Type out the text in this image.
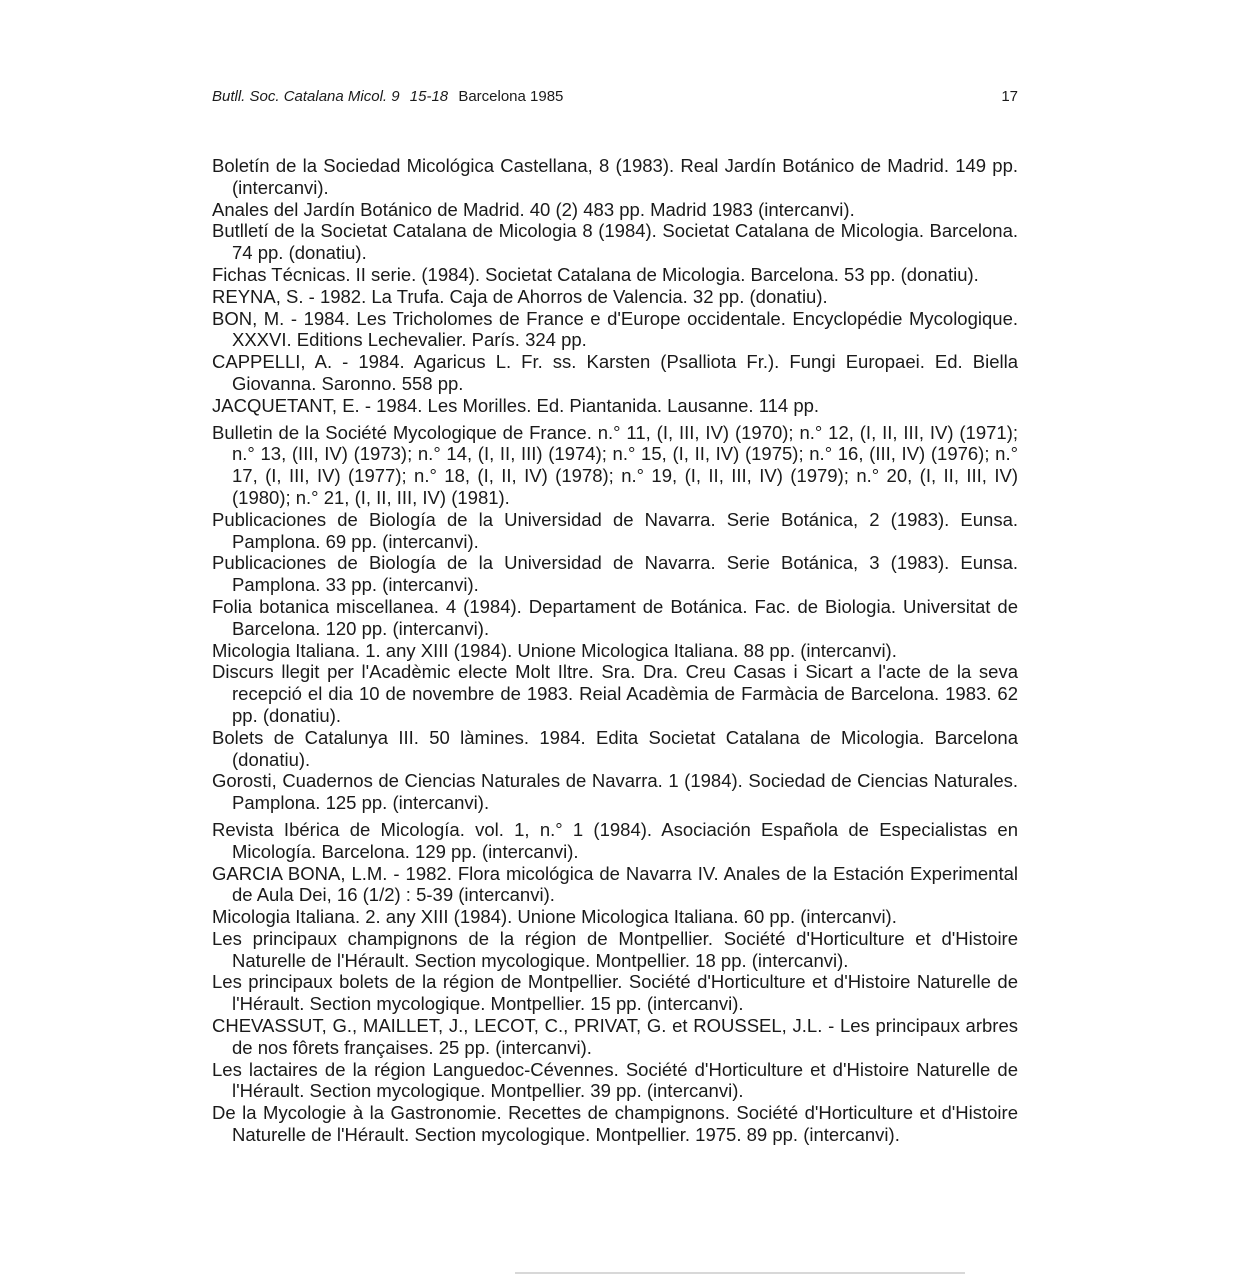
Butll. Soc. Catalana Micol. 9 15-18 Barcelona 1985	17
Boletín de la Sociedad Micológica Castellana, 8 (1983). Real Jardín Botánico de Madrid. 149 pp. (intercanvi).
Anales del Jardín Botánico de Madrid. 40 (2) 483 pp. Madrid 1983 (intercanvi).
Butlletí de la Societat Catalana de Micologia 8 (1984). Societat Catalana de Micologia. Barcelona. 74 pp. (donatiu).
Fichas Técnicas. II serie. (1984). Societat Catalana de Micologia. Barcelona. 53 pp. (donatiu).
REYNA, S. - 1982. La Trufa. Caja de Ahorros de Valencia. 32 pp. (donatiu).
BON, M. - 1984. Les Tricholomes de France e d'Europe occidentale. Encyclopédie Mycologique. XXXVI. Editions Lechevalier. París. 324 pp.
CAPPELLI, A. - 1984. Agaricus L. Fr. ss. Karsten (Psalliota Fr.). Fungi Europaei. Ed. Biella Giovanna. Saronno. 558 pp.
JACQUETANT, E. - 1984. Les Morilles. Ed. Piantanida. Lausanne. 114 pp.
Bulletin de la Société Mycologique de France. n.° 11, (I, III, IV) (1970); n.° 12, (I, II, III, IV) (1971); n.° 13, (III, IV) (1973); n.° 14, (I, II, III) (1974); n.° 15, (I, II, IV) (1975); n.° 16, (III, IV) (1976); n.° 17, (I, III, IV) (1977); n.° 18, (I, II, IV) (1978); n.° 19, (I, II, III, IV) (1979); n.° 20, (I, II, III, IV) (1980); n.° 21, (I, II, III, IV) (1981).
Publicaciones de Biología de la Universidad de Navarra. Serie Botánica, 2 (1983). Eunsa. Pamplona. 69 pp. (intercanvi).
Publicaciones de Biología de la Universidad de Navarra. Serie Botánica, 3 (1983). Eunsa. Pamplona. 33 pp. (intercanvi).
Folia botanica miscellanea. 4 (1984). Departament de Botánica. Fac. de Biologia. Universitat de Barcelona. 120 pp. (intercanvi).
Micologia Italiana. 1. any XIII (1984). Unione Micologica Italiana. 88 pp. (intercanvi).
Discurs llegit per l'Acadèmic electe Molt Iltre. Sra. Dra. Creu Casas i Sicart a l'acte de la seva recepció el dia 10 de novembre de 1983. Reial Acadèmia de Farmàcia de Barcelona. 1983. 62 pp. (donatiu).
Bolets de Catalunya III. 50 làmines. 1984. Edita Societat Catalana de Micologia. Barcelona (donatiu).
Gorosti, Cuadernos de Ciencias Naturales de Navarra. 1 (1984). Sociedad de Ciencias Naturales. Pamplona. 125 pp. (intercanvi).
Revista Ibérica de Micología. vol. 1, n.° 1 (1984). Asociación Española de Especialistas en Micología. Barcelona. 129 pp. (intercanvi).
GARCIA BONA, L.M. - 1982. Flora micológica de Navarra IV. Anales de la Estación Experimental de Aula Dei, 16 (1/2) : 5-39 (intercanvi).
Micologia Italiana. 2. any XIII (1984). Unione Micologica Italiana. 60 pp. (intercanvi).
Les principaux champignons de la région de Montpellier. Société d'Horticulture et d'Histoire Naturelle de l'Hérault. Section mycologique. Montpellier. 18 pp. (intercanvi).
Les principaux bolets de la région de Montpellier. Société d'Horticulture et d'Histoire Naturelle de l'Hérault. Section mycologique. Montpellier. 15 pp. (intercanvi).
CHEVASSUT, G., MAILLET, J., LECOT, C., PRIVAT, G. et ROUSSEL, J.L. - Les principaux arbres de nos fôrets françaises. 25 pp. (intercanvi).
Les lactaires de la région Languedoc-Cévennes. Société d'Horticulture et d'Histoire Naturelle de l'Hérault. Section mycologique. Montpellier. 39 pp. (intercanvi).
De la Mycologie à la Gastronomie. Recettes de champignons. Société d'Horticulture et d'Histoire Naturelle de l'Hérault. Section mycologique. Montpellier. 1975. 89 pp. (intercanvi).
